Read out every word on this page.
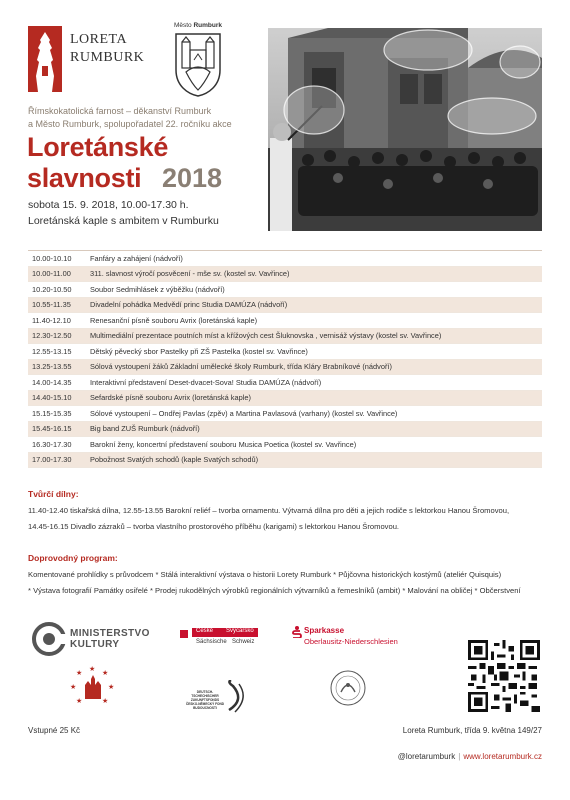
LORETA
RUMBURK
Město Rumburk
Římskokatolická farnost – děkanství Rumburk
a Město Rumburk, spolupořadatel 22. ročníku akce
Loretánské
slavnosti 2018
sobota 15. 9. 2018, 10.00-17.30 h.
Loretánská kaple s ambitem v Rumburku
10.00-10.10	Fanfáry a zahájení (nádvoří)
10.00-11.00	311. slavnost výročí posvěcení - mše sv. (kostel sv. Vavřince)
10.20-10.50	Soubor Sedmihlásek z výběžku (nádvoří)
10.55-11.35	Divadelní pohádka Medvědí princ Studia DAMÚZA (nádvoří)
11.40-12.10	Renesanční písně souboru Avrix (loretánská kaple)
12.30-12.50	Multimediální prezentace poutních míst a křížových cest Šluknovska , vernisáž výstavy (kostel sv. Vavřince)
12.55-13.15	Dětský pěvecký sbor Pastelky při ZŠ Pastelka (kostel sv. Vavřince)
13.25-13.55	Sólová vystoupení žáků Základní umělecké školy Rumburk, třída Kláry Brabníkové (nádvoří)
14.00-14.35	Interaktivní představení Deset-dvacet-Sova! Studia DAMÚZA (nádvoří)
14.40-15.10	Sefardské písně souboru Avrix (loretánská kaple)
15.15-15.35	Sólové vystoupení – Ondřej Pavlas (zpěv) a Martina Pavlasová (varhany) (kostel sv. Vavřince)
15.45-16.15	Big band ZUŠ Rumburk (nádvoří)
16.30-17.30	Barokní ženy, koncertní představení souboru Musica Poetica (kostel sv. Vavřince)
17.00-17.30	Pobožnost Svatých schodů (kaple Svatých schodů)
Tvůrčí dílny:
11.40-12.40 tiskařská dílna, 12.55-13.55 Barokní reliéf – tvorba ornamentu. Výtvarná dílna pro děti a jejich rodiče s lektorkou Hanou Šromovou,
14.45-16.15 Divadlo zázraků – tvorba vlastního prostorového příběhu (karigami) s lektorkou Hanou Šromovou.
Doprovodný program:
Komentované prohlídky s průvodcem * Stálá interaktivní výstava o historii Lorety Rumburk * Půjčovna historických kostýmů (ateliér Quisquis)
* Výstava fotografií Památky osiřelé * Prodej rukodělných výrobků regionálních výtvarníků a řemeslníků (ambit) * Malování na obličej * Občerstvení
MINISTERSTVO
KULTURY
České Švýcarsko
Sächsische Schweiz
Sparkasse
Oberlausitz-Niederschlesien
★ ★ ★
★	★
★	★
DEUTSCH-TSCHECHISCHER ZUKUNFTSFONDS ČESKO-NĚMECKÝ FOND BUDOUCNOSTI
Vstupné 25 Kč	Loreta Rumburk, třída 9. května 149/27
@loretarumburk | www.loretarumburk.cz
